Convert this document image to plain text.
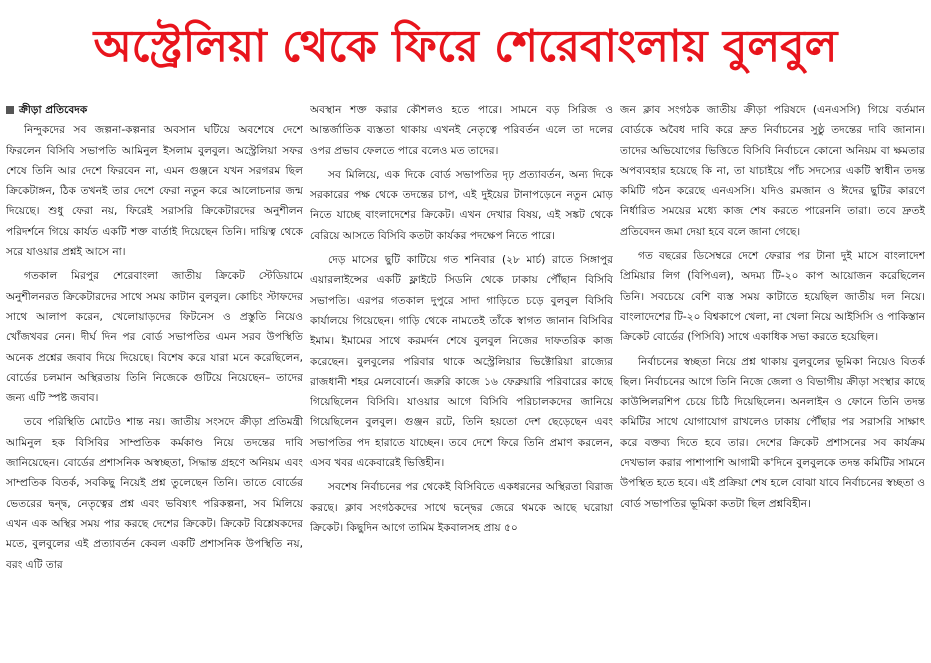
অস্ট্রেলিয়া থেকে ফিরে শেরেবাংলায় বুলবুল
ক্রীড়া প্রতিবেদক

নিন্দুকদের সব জল্পনা-কল্পনার অবসান ঘটিয়ে অবশেষে দেশে ফিরলেন বিসিবি সভাপতি আমিনুল ইসলাম বুলবুল। অস্ট্রেলিয়া সফর শেষে তিনি আর দেশে ফিরবেন না, এমন গুঞ্জনে যখন সরগরম ছিল ক্রিকেটাঙ্গন, ঠিক তখনই তার দেশে ফেরা নতুন করে আলোচনার জন্ম দিয়েছে। শুধু ফেরা নয়, ফিরেই সরাসরি ক্রিকেটারদের অনুশীলন পরিদর্শনে গিয়ে কার্যত একটি শক্ত বার্তাই দিয়েছেন তিনি। দায়িত্ব থেকে সরে যাওয়ার প্রশ্নই আসে না।

গতকাল মিরপুর শেরেবাংলা জাতীয় ক্রিকেট স্টেডিয়ামে অনুশীলনরত ক্রিকেটারদের সাথে সময় কাটান বুলবুল। কোচিং স্টাফদের সাথে আলাপ করেন, খেলোয়াড়দের ফিটনেস ও প্রস্তুতি নিয়েও খোঁজখবর নেন। দীর্ঘ দিন পর বোর্ড সভাপতির এমন সরব উপস্থিতি অনেক প্রশ্নের জবাব দিয়ে দিয়েছে। বিশেষ করে যারা মনে করেছিলেন, বোর্ডের চলমান অস্থিরতায় তিনি নিজেকে গুটিয়ে নিয়েছেন– তাদের জন্য এটি স্পষ্ট জবাব।

তবে পরিস্থিতি মোটেও শান্ত নয়। জাতীয় সংসদে ক্রীড়া প্রতিমন্ত্রী আমিনুল হক বিসিবির সাম্প্রতিক কর্মকাণ্ড নিয়ে তদন্তের দাবি জানিয়েছেন। বোর্ডের প্রশাসনিক অস্বচ্ছতা, সিদ্ধান্ত গ্রহণে অনিয়ম এবং সাম্প্রতিক বিতর্ক, সবকিছু নিয়েই প্রশ্ন তুলেছেন তিনি। তাতে বোর্ডের ভেতরের দ্বন্দ্ব, নেতৃত্বের প্রশ্ন এবং ভবিষ্যৎ পরিকল্পনা, সব মিলিয়ে এখন এক অস্থির সময় পার করছে দেশের ক্রিকেট। ক্রিকেট বিশ্লেষকদের মতে, বুলবুলের এই প্রত্যাবর্তন কেবল একটি প্রশাসনিক উপস্থিতি নয়, বরং এটি তার

অবস্থান শক্ত করার কৌশলও হতে পারে। সামনে বড় সিরিজ ও আন্তর্জাতিক ব্যস্ততা থাকায় এখনই নেতৃত্বে পরিবর্তন এলে তা দলের ওপর প্রভাব ফেলতে পারে বলেও মত তাদের।

সব মিলিয়ে, এক দিকে বোর্ড সভাপতির দৃঢ় প্রত্যাবর্তন, অন্য দিকে সরকারের পক্ষ থেকে তদন্তের চাপ, এই দুইয়ের টানাপড়েনে নতুন মোড় নিতে যাচ্ছে বাংলাদেশের ক্রিকেট। এখন দেখার বিষয়, এই সঙ্কট থেকে বেরিয়ে আসতে বিসিবি কতটা কার্যকর পদক্ষেপ নিতে পারে।

দেড় মাসের ছুটি কাটিয়ে গত শনিবার (২৮ মার্চ) রাতে সিঙ্গাপুর এয়ারলাইন্সের একটি ফ্লাইটে সিডনি থেকে ঢাকায় পৌঁছান বিসিবি সভাপতি। এরপর গতকাল দুপুরে সাদা গাড়িতে চড়ে বুলবুল বিসিবি কার্যালয়ে গিয়েছেন। গাড়ি থেকে নামতেই তাঁকে স্বাগত জানান বিসিবির ইমাম। ইমামের সাথে করমর্দন শেষে বুলবুল নিজের দাফতরিক কাজ করেছেন। বুলবুলের পরিবার থাকে অস্ট্রেলিয়ার ভিক্টোরিয়া রাজ্যের রাজধানী শহর মেলবোর্নে। জরুরি কাজে ১৬ ফেব্রুয়ারি পরিবারের কাছে গিয়েছিলেন বিসিবি। যাওয়ার আগে বিসিবি পরিচালকদের জানিয়ে গিয়েছিলেন বুলবুল। গুঞ্জন রটে, তিনি হয়তো দেশ ছেড়েছেন এবং সভাপতির পদ হারাতে যাচ্ছেন। তবে দেশে ফিরে তিনি প্রমাণ করলেন, এসব খবর একেবারেই ভিত্তিহীন।

সবশেষ নির্বাচনের পর থেকেই বিসিবিতে একধরনের অস্থিরতা বিরাজ করছে। ক্লাব সংগঠকদের সাথে দ্বন্দ্বের জেরে থমকে আছে ঘরোয়া ক্রিকেট। কিছুদিন আগে তামিম ইকবালসহ প্রায় ৫০

জন ক্লাব সংগঠক জাতীয় ক্রীড়া পরিষদে (এনএসসি) গিয়ে বর্তমান বোর্ডকে অবৈধ দাবি করে দ্রুত নির্বাচনের সুষ্ঠু তদন্তের দাবি জানান। তাদের অভিযোগের ভিত্তিতে বিসিবি নির্বাচনে কোনো অনিয়ম বা ক্ষমতার অপব্যবহার হয়েছে কি না, তা যাচাইয়ে পাঁচ সদস্যের একটি স্বাধীন তদন্ত কমিটি গঠন করেছে এনএসসি। যদিও রমজান ও ঈদের ছুটির কারণে নির্ধারিত সময়ের মধ্যে কাজ শেষ করতে পারেননি তারা। তবে দ্রুতই প্রতিবেদন জমা দেয়া হবে বলে জানা গেছে।

গত বছরের ডিসেম্বরে দেশে ফেরার পর টানা দুই মাসে বাংলাদেশ প্রিমিয়ার লিগ (বিপিএল), অদম্য টি-২০ কাপ আয়োজন করেছিলেন তিনি। সবচেয়ে বেশি ব্যস্ত সময় কাটাতে হয়েছিল জাতীয় দল নিয়ে। বাংলাদেশের টি-২০ বিশ্বকাপে খেলা, না খেলা নিয়ে আইসিসি ও পাকিস্তান ক্রিকেট বোর্ডের (পিসিবি) সাথে একাধিক সভা করতে হয়েছিল।

নির্বাচনের স্বচ্ছতা নিয়ে প্রশ্ন থাকায় বুলবুলের ভূমিকা নিয়েও বিতর্ক ছিল। নির্বাচনের আগে তিনি নিজে জেলা ও বিভাগীয় ক্রীড়া সংস্থার কাছে কাউন্সিলরশিপ চেয়ে চিঠি দিয়েছিলেন। অনলাইন ও ফোনে তিনি তদন্ত কমিটির সাথে যোগাযোগ রাখলেও ঢাকায় পৌঁছার পর সরাসরি সাক্ষাৎ করে বক্তব্য দিতে হবে তার। দেশের ক্রিকেট প্রশাসনের সব কার্যক্রম দেখভাল করার পাশাপাশি আগামী ক'দিনে বুলবুলকে তদন্ত কমিটির সামনে উপস্থিত হতে হবে। এই প্রক্রিয়া শেষ হলে বোঝা যাবে নির্বাচনের স্বচ্ছতা ও বোর্ড সভাপতির ভূমিকা কতটা ছিল প্রশ্নবিহীন।
